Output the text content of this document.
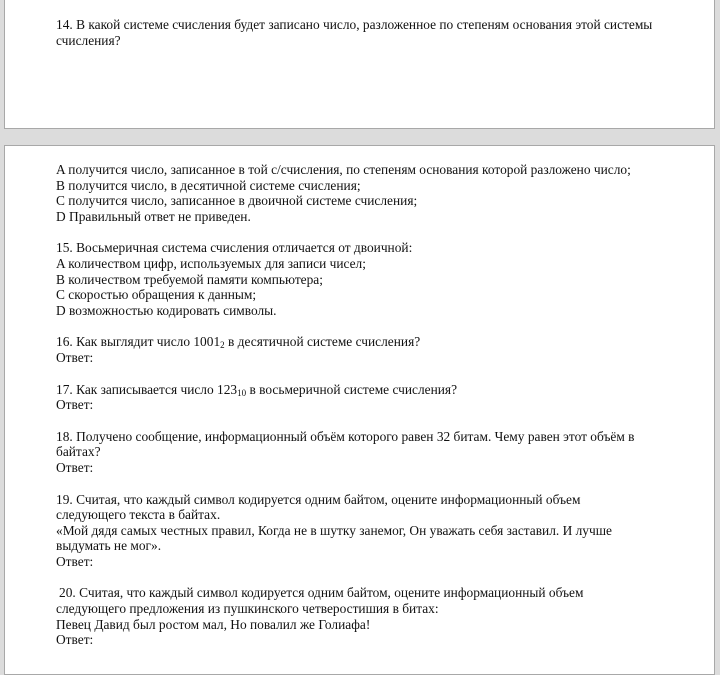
14. В какой системе счисления будет записано число, разложенное по степеням основания этой системы счисления?
A получится число, записанное в той с/счисления, по степеням основания которой разложено число;
B получится число, в десятичной системе счисления;
C получится число, записанное в двоичной системе счисления;
D Правильный ответ не приведен.
15. Восьмеричная система счисления отличается от двоичной:
A количеством цифр, используемых для записи чисел;
B количеством требуемой памяти компьютера;
C скоростью обращения к данным;
D возможностью кодировать символы.
16. Как выглядит число $1001_2$ в десятичной системе счисления?
Ответ:
17. Как записывается число $123_{10}$ в восьмеричной системе счисления?
Ответ:
18. Получено сообщение, информационный объём которого равен 32 битам. Чему равен этот объём в
байтах?
Ответ:
19. Считая, что каждый символ кодируется одним байтом, оцените информационный объем
следующего текста в байтах.
«Мой дядя самых честных правил, Когда не в шутку занемог, Он уважать себя заставил. И лучше
выдумать не мог».
Ответ:
20. Считая, что каждый символ кодируется одним байтом, оцените информационный объем
следующего предложения из пушкинского четверостишия в битах:
Певец Давид был ростом мал, Но повалил же Голиафа!
Ответ:
